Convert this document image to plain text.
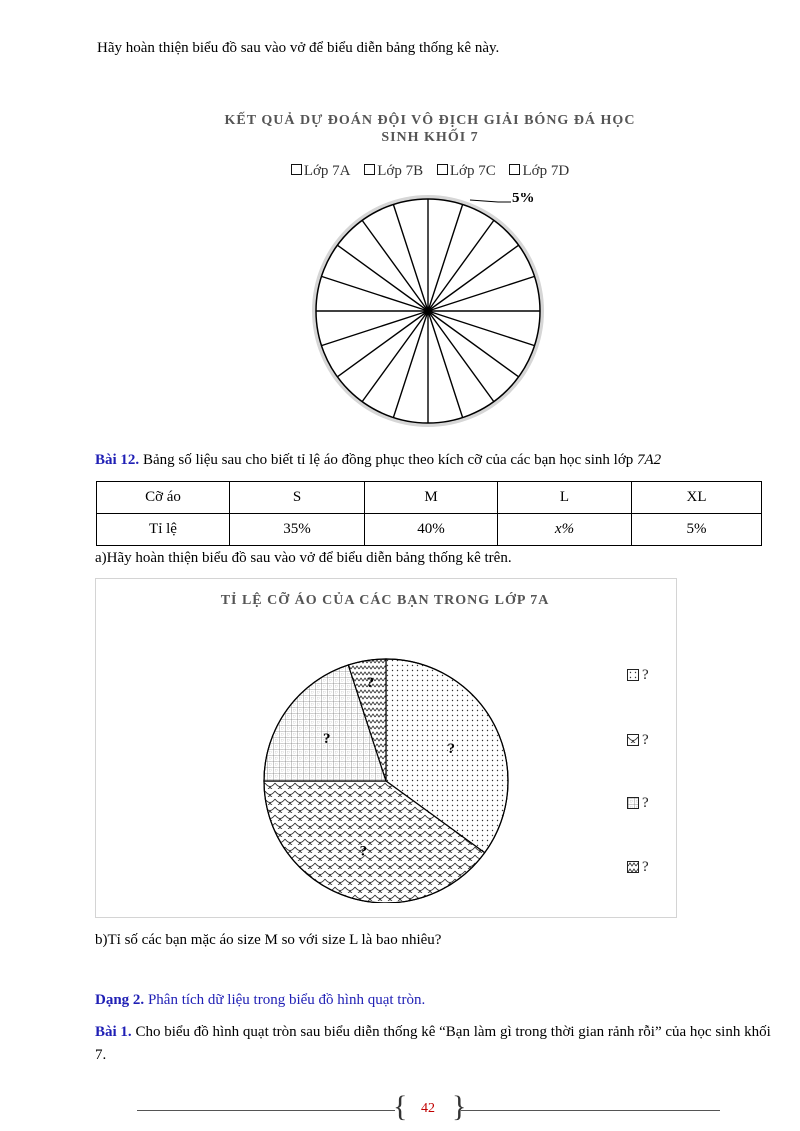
Hãy hoàn thiện biểu đồ sau vào vở để biểu diễn bảng thống kê này.
KẾT QUẢ DỰ ĐOÁN ĐỘI VÔ ĐỊCH GIẢI BÓNG ĐÁ HỌC
SINH KHỐI 7
Lớp 7A Lớp 7B Lớp 7C Lớp 7D
5%
Bài 12. Bảng số liệu sau cho biết tỉ lệ áo đồng phục theo kích cỡ của các bạn học sinh lớp 7A2
Cỡ áo	S	M	L	XL
Tỉ lệ	35%	40%	x%	5%
a)Hãy hoàn thiện biểu đồ sau vào vở để biểu diễn bảng thống kê trên.
TỈ LỆ CỠ ÁO CỦA CÁC BẠN TRONG LỚP 7A
?
?
?
?
?
?
?
?
b)Tỉ số các bạn mặc áo size M so với size L là bao nhiêu?
Dạng 2. Phân tích dữ liệu trong biểu đồ hình quạt tròn.
Bài 1. Cho biểu đồ hình quạt tròn sau biểu diễn thống kê “Bạn làm gì trong thời gian rảnh rỗi” của học sinh khối 7.
{ }
42
